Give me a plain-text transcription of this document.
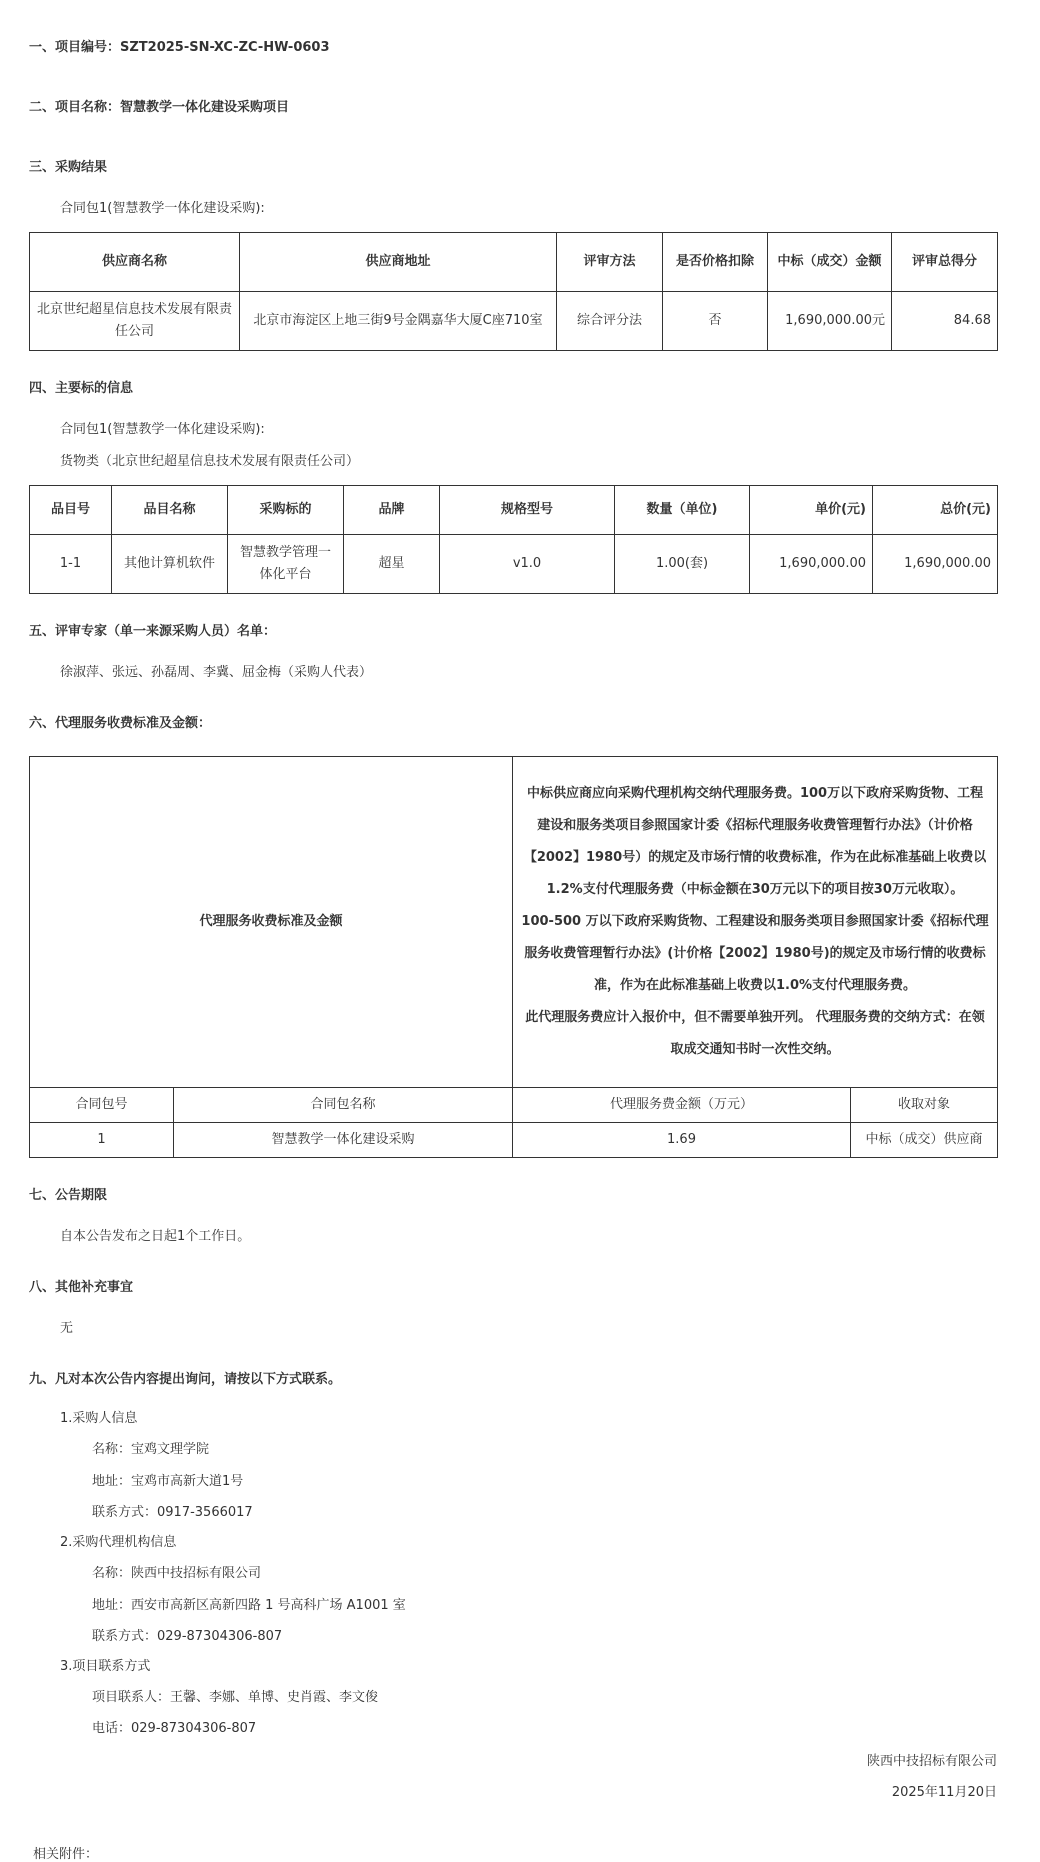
一、项目编号：SZT2025-SN-XC-ZC-HW-0603
二、项目名称：智慧教学一体化建设采购项目
三、采购结果
合同包1(智慧教学一体化建设采购):
供应商名称	供应商地址	评审方法	是否价格扣除	中标（成交）金额	评审总得分
北京世纪超星信息技术发展有限责任公司	北京市海淀区上地三街9号金隅嘉华大厦C座710室	综合评分法	否	1,690,000.00元	84.68
四、主要标的信息
合同包1(智慧教学一体化建设采购):
货物类（北京世纪超星信息技术发展有限责任公司）
品目号	品目名称	采购标的	品牌	规格型号	数量（单位)	单价(元)	总价(元)
1-1	其他计算机软件	智慧教学管理一体化平台	超星	v1.0	1.00(套)	1,690,000.00	1,690,000.00
五、评审专家（单一来源采购人员）名单：
徐淑萍、张远、孙磊周、李冀、屈金梅（采购人代表）
六、代理服务收费标准及金额：
代理服务收费标准及金额		中标供应商应向采购代理机构交纳代理服务费。100万以下政府采购货物、工程建设和服务类项目参照国家计委《招标代理服务收费管理暂行办法》（计价格【2002】1980号）的规定及市场行情的收费标准，作为在此标准基础上收费以1.2%支付代理服务费（中标金额在30万元以下的项目按30万元收取）。
100-500 万以下政府采购货物、工程建设和服务类项目参照国家计委《招标代理服务收费管理暂行办法》(计价格【2002】1980号)的规定及市场行情的收费标准，作为在此标准基础上收费以1.0%支付代理服务费。
此代理服务费应计入报价中，但不需要单独开列。 代理服务费的交纳方式：在领取成交通知书时一次性交纳。	

合同包号	合同包名称	代理服务费金额（万元）	收取对象
1	智慧教学一体化建设采购	1.69	中标（成交）供应商
七、公告期限
自本公告发布之日起1个工作日。
八、其他补充事宜
无
九、凡对本次公告内容提出询问，请按以下方式联系。
1.采购人信息
名称：宝鸡文理学院
地址：宝鸡市高新大道1号
联系方式：0917-3566017
2.采购代理机构信息
名称：陕西中技招标有限公司
地址：西安市高新区高新四路 1 号高科广场 A1001 室
联系方式：029-87304306-807
3.项目联系方式
项目联系人：王馨、李娜、单博、史肖霞、李文俊
电话：029-87304306-807
陕西中技招标有限公司
2025年11月20日
相关附件：
